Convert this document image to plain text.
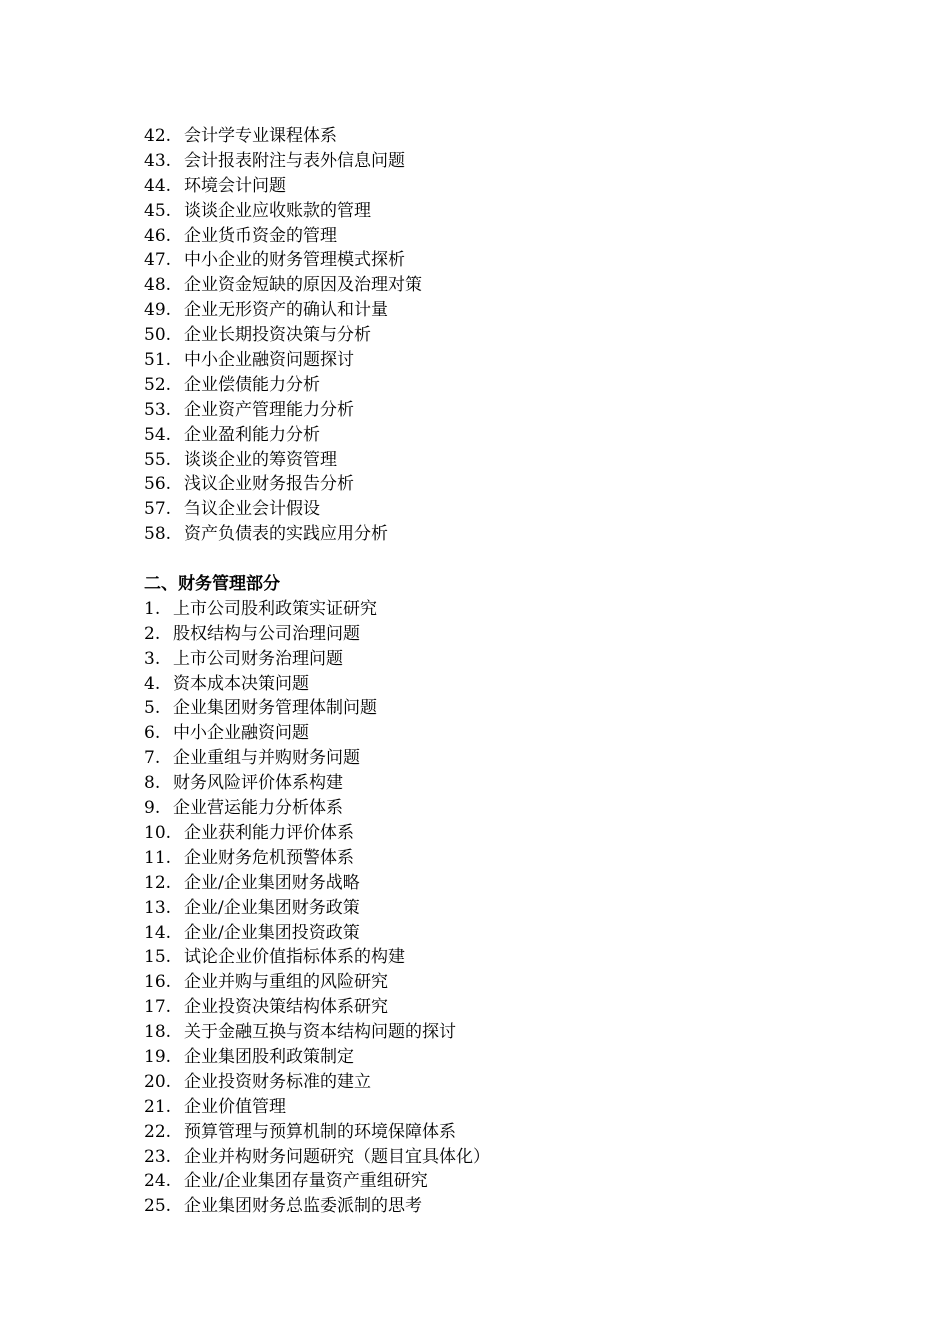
42. 会计学专业课程体系
43. 会计报表附注与表外信息问题
44. 环境会计问题
45. 谈谈企业应收账款的管理
46. 企业货币资金的管理
47. 中小企业的财务管理模式探析
48. 企业资金短缺的原因及治理对策
49. 企业无形资产的确认和计量
50. 企业长期投资决策与分析
51. 中小企业融资问题探讨
52. 企业偿债能力分析
53. 企业资产管理能力分析
54. 企业盈利能力分析
55. 谈谈企业的筹资管理
56. 浅议企业财务报告分析
57. 刍议企业会计假设
58. 资产负债表的实践应用分析
二、财务管理部分
1. 上市公司股利政策实证研究
2. 股权结构与公司治理问题
3. 上市公司财务治理问题
4. 资本成本决策问题
5. 企业集团财务管理体制问题
6. 中小企业融资问题
7. 企业重组与并购财务问题
8. 财务风险评价体系构建
9. 企业营运能力分析体系
10. 企业获利能力评价体系
11. 企业财务危机预警体系
12. 企业/企业集团财务战略
13. 企业/企业集团财务政策
14. 企业/企业集团投资政策
15. 试论企业价值指标体系的构建
16. 企业并购与重组的风险研究
17. 企业投资决策结构体系研究
18. 关于金融互换与资本结构问题的探讨
19. 企业集团股利政策制定
20. 企业投资财务标准的建立
21. 企业价值管理
22. 预算管理与预算机制的环境保障体系
23. 企业并构财务问题研究（题目宜具体化）
24. 企业/企业集团存量资产重组研究
25. 企业集团财务总监委派制的思考
